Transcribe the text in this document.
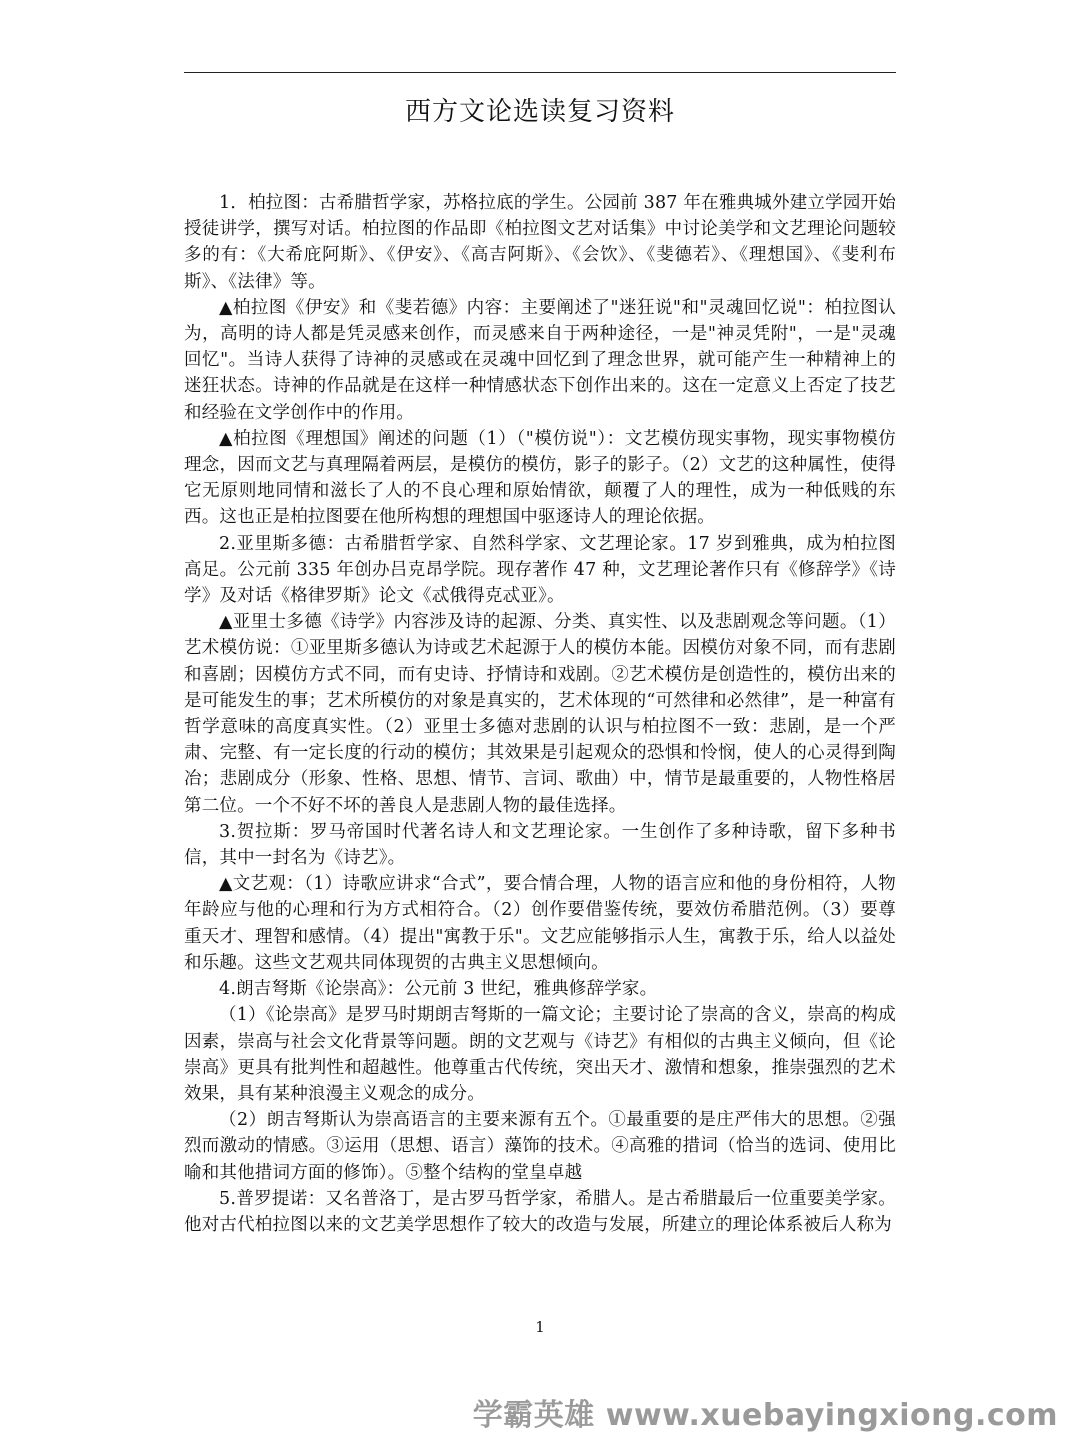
西方文论选读复习资料

1．柏拉图：古希腊哲学家，苏格拉底的学生。公园前 387 年在雅典城外建立学园开始授徒讲学，撰写对话。柏拉图的作品即《柏拉图文艺对话集》中讨论美学和文艺理论问题较多的有：《大希庇阿斯》、《伊安》、《高吉阿斯》、《会饮》、《斐德若》、《理想国》、《斐利布斯》、《法律》等。

▲柏拉图《伊安》和《斐若德》内容：主要阐述了"迷狂说"和"灵魂回忆说"：柏拉图认为，高明的诗人都是凭灵感来创作，而灵感来自于两种途径，一是"神灵凭附"，一是"灵魂回忆"。当诗人获得了诗神的灵感或在灵魂中回忆到了理念世界，就可能产生一种精神上的迷狂状态。诗神的作品就是在这样一种情感状态下创作出来的。这在一定意义上否定了技艺和经验在文学创作中的作用。

▲柏拉图《理想国》阐述的问题（1）（"模仿说"）：文艺模仿现实事物，现实事物模仿理念，因而文艺与真理隔着两层，是模仿的模仿，影子的影子。（2）文艺的这种属性，使得它无原则地同情和滋长了人的不良心理和原始情欲，颠覆了人的理性，成为一种低贱的东西。这也正是柏拉图要在他所构想的理想国中驱逐诗人的理论依据。

2.亚里斯多德：古希腊哲学家、自然科学家、文艺理论家。17 岁到雅典，成为柏拉图高足。公元前 335 年创办吕克昂学院。现存著作 47 种，文艺理论著作只有《修辞学》《诗学》及对话《格律罗斯》论文《忒俄得克忒亚》。

▲亚里士多德《诗学》内容涉及诗的起源、分类、真实性、以及悲剧观念等问题。（1）艺术模仿说：①亚里斯多德认为诗或艺术起源于人的模仿本能。因模仿对象不同，而有悲剧和喜剧；因模仿方式不同，而有史诗、抒情诗和戏剧。②艺术模仿是创造性的，模仿出来的是可能发生的事；艺术所模仿的对象是真实的，艺术体现的“可然律和必然律”，是一种富有哲学意味的高度真实性。（2）亚里士多德对悲剧的认识与柏拉图不一致：悲剧，是一个严肃、完整、有一定长度的行动的模仿；其效果是引起观众的恐惧和怜悯，使人的心灵得到陶冶；悲剧成分（形象、性格、思想、情节、言词、歌曲）中，情节是最重要的，人物性格居第二位。一个不好不坏的善良人是悲剧人物的最佳选择。

3.贺拉斯：罗马帝国时代著名诗人和文艺理论家。一生创作了多种诗歌，留下多种书信，其中一封名为《诗艺》。

▲文艺观：（1）诗歌应讲求“合式”，要合情合理，人物的语言应和他的身份相符，人物年龄应与他的心理和行为方式相符合。（2）创作要借鉴传统，要效仿希腊范例。（3）要尊重天才、理智和感情。（4）提出"寓教于乐"。文艺应能够指示人生，寓教于乐，给人以益处和乐趣。这些文艺观共同体现贺的古典主义思想倾向。

4.朗吉弩斯《论崇高》：公元前 3 世纪，雅典修辞学家。

（1）《论崇高》是罗马时期朗吉弩斯的一篇文论；主要讨论了崇高的含义，崇高的构成因素，崇高与社会文化背景等问题。朗的文艺观与《诗艺》有相似的古典主义倾向，但《论崇高》更具有批判性和超越性。他尊重古代传统，突出天才、激情和想象，推崇强烈的艺术效果，具有某种浪漫主义观念的成分。

（2）朗吉弩斯认为崇高语言的主要来源有五个。①最重要的是庄严伟大的思想。②强烈而激动的情感。③运用（思想、语言）藻饰的技术。④高雅的措词（恰当的选词、使用比喻和其他措词方面的修饰）。⑤整个结构的堂皇卓越

5.普罗提诺：又名普洛丁，是古罗马哲学家，希腊人。是古希腊最后一位重要美学家。他对古代柏拉图以来的文艺美学思想作了较大的改造与发展，所建立的理论体系被后人称为

1
学霸英雄 www.xuebayingxiong.com
